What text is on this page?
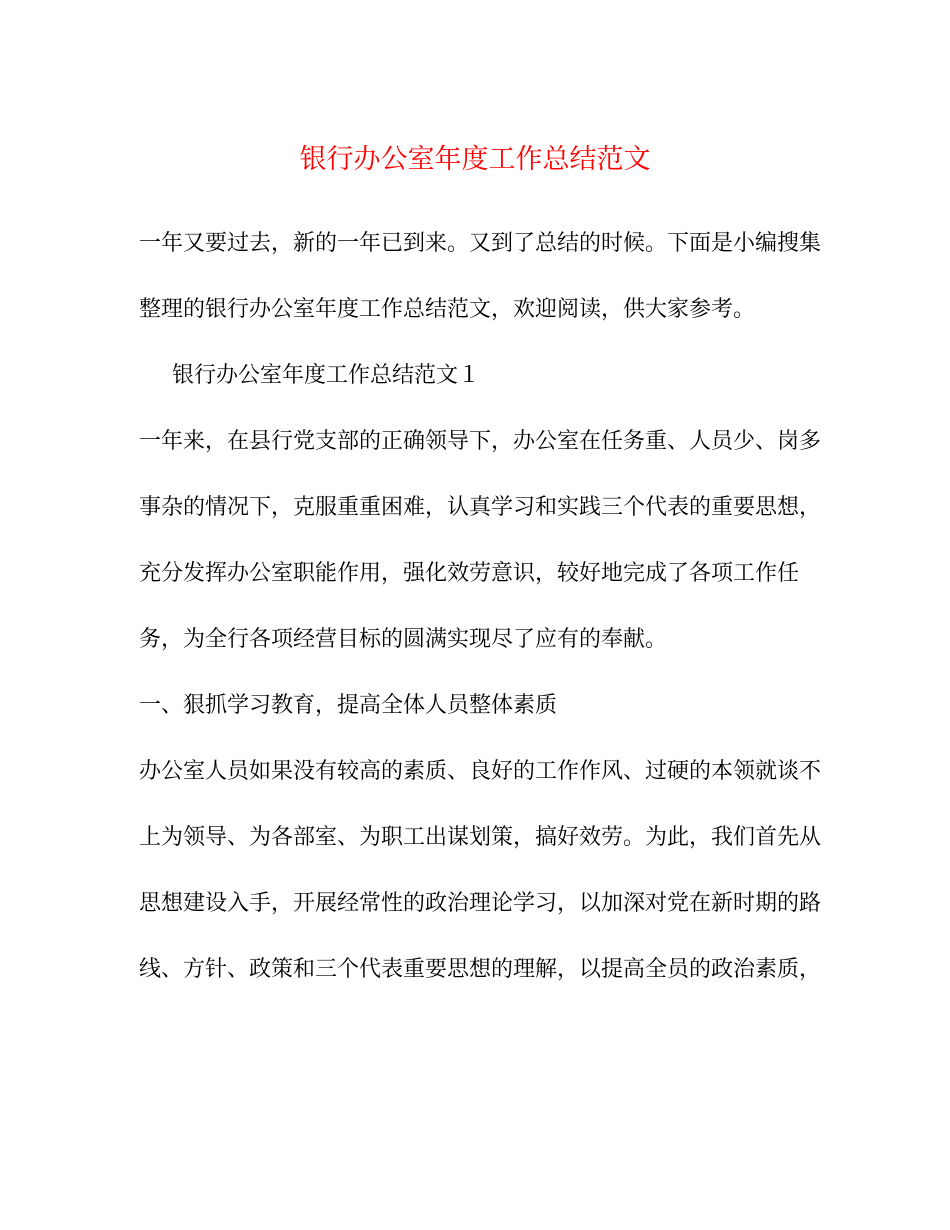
银行办公室年度工作总结范文
一年又要过去，新的一年已到来。又到了总结的时候。下面是小编搜集
整理的银行办公室年度工作总结范文，欢迎阅读，供大家参考。
银行办公室年度工作总结范文１
一年来，在县行党支部的正确领导下，办公室在任务重、人员少、岗多
事杂的情况下，克服重重困难，认真学习和实践三个代表的重要思想，
充分发挥办公室职能作用，强化效劳意识，较好地完成了各项工作任
务，为全行各项经营目标的圆满实现尽了应有的奉献。
一、狠抓学习教育，提高全体人员整体素质
办公室人员如果没有较高的素质、良好的工作作风、过硬的本领就谈不
上为领导、为各部室、为职工出谋划策，搞好效劳。为此，我们首先从
思想建设入手，开展经常性的政治理论学习，以加深对党在新时期的路
线、方针、政策和三个代表重要思想的理解，以提高全员的政治素质，
